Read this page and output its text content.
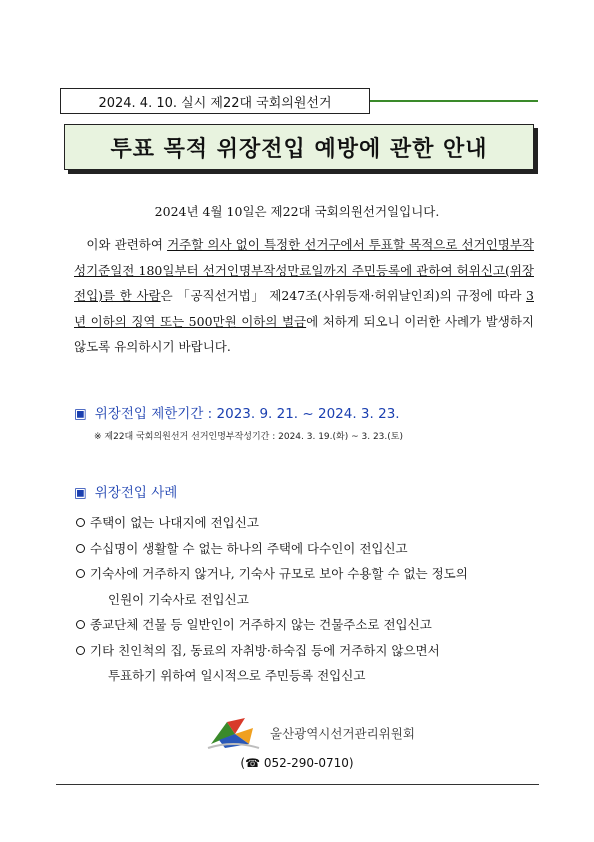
2024. 4. 10. 실시 제22대 국회의원선거
투표 목적 위장전입 예방에 관한 안내
2024년 4월 10일은 제22대 국회의원선거일입니다.

이와 관련하여 거주할 의사 없이 특정한 선거구에서 투표할 목적으로 선거인명부작성기준일전 180일부터 선거인명부작성만료일까지 주민등록에 관하여 허위신고(위장전입)를 한 사람은 「공직선거법」 제247조(사위등재·허위날인죄)의 규정에 따라 3년 이하의 징역 또는 500만원 이하의 벌금에 처하게 되오니 이러한 사례가 발생하지 않도록 유의하시기 바랍니다.

▣ 위장전입 제한기간 : 2023. 9. 21. ~ 2024. 3. 23.
※ 제22대 국회의원선거 선거인명부작성기간 : 2024. 3. 19.(화) ~ 3. 23.(토)
▣ 위장전입 사례
주택이 없는 나대지에 전입신고
수십명이 생활할 수 없는 하나의 주택에 다수인이 전입신고
기숙사에 거주하지 않거나, 기숙사 규모로 보아 수용할 수 없는 정도의
인원이 기숙사로 전입신고
종교단체 건물 등 일반인이 거주하지 않는 건물주소로 전입신고
기타 친인척의 집, 동료의 자취방·하숙집 등에 거주하지 않으면서
투표하기 위하여 일시적으로 주민등록 전입신고
울산광역시선거관리위원회
(☎ 052-290-0710)
